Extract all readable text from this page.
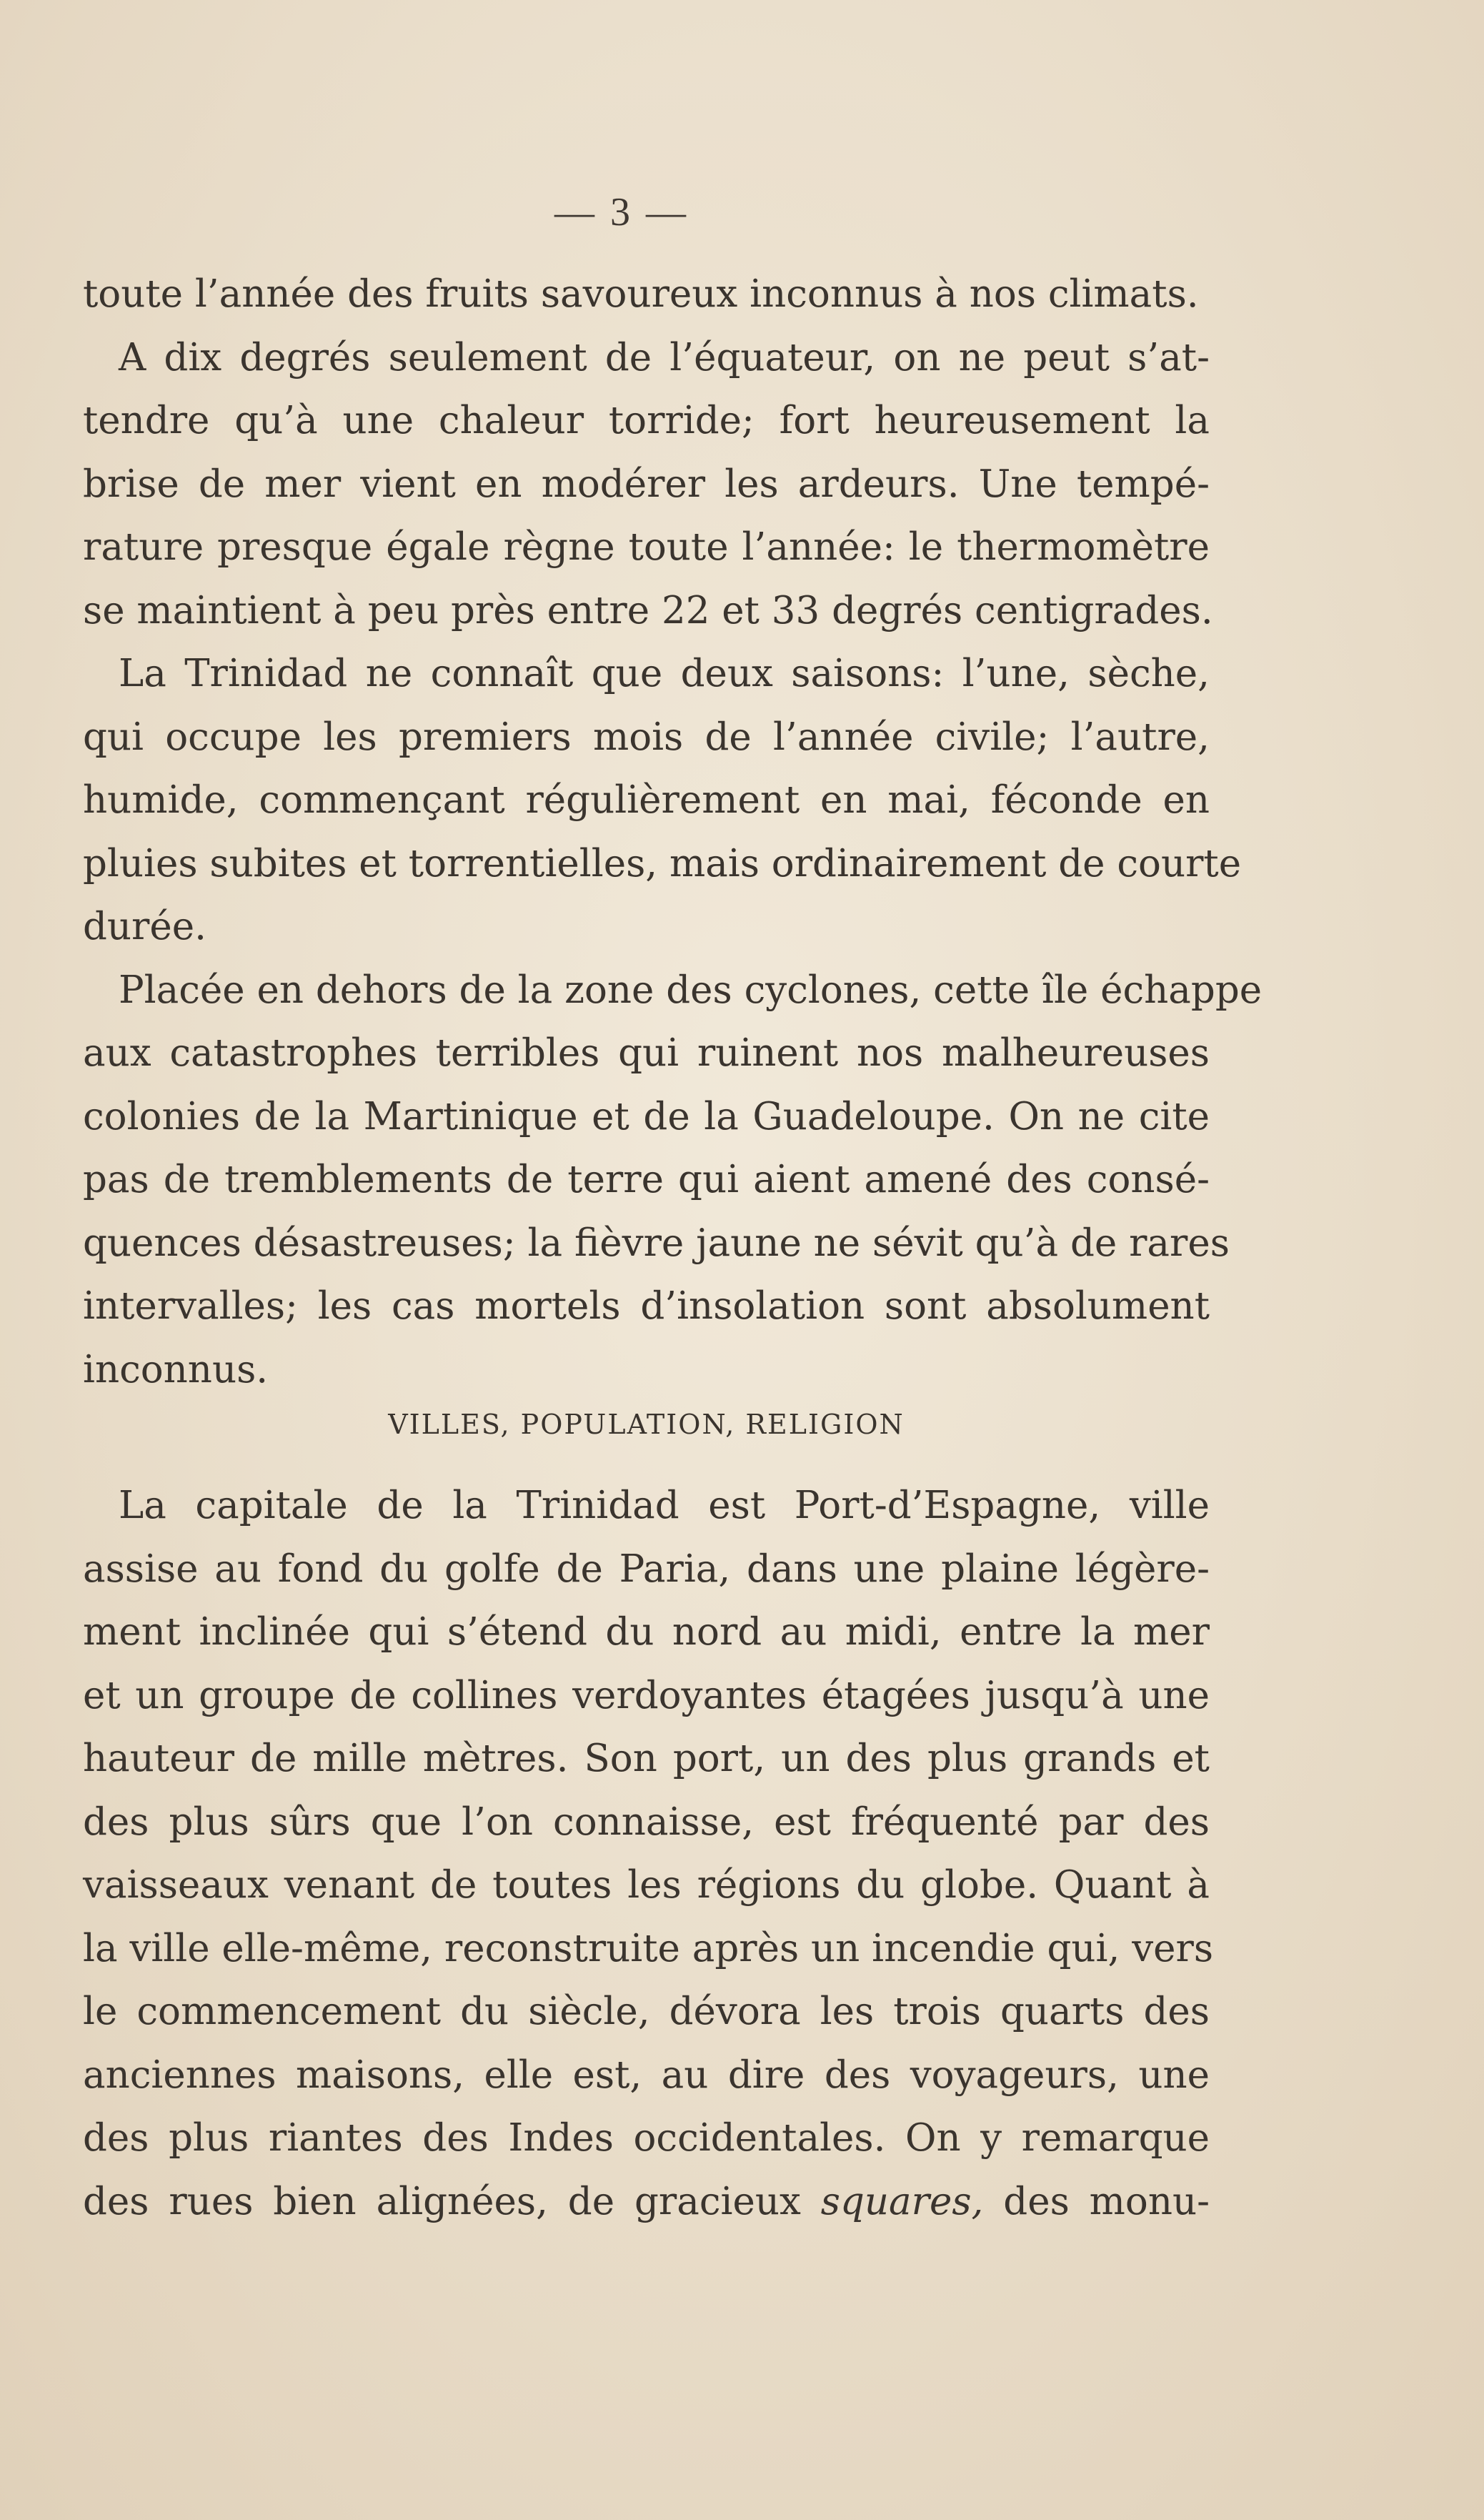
— 3 —
toute l’année des fruits savoureux inconnus à nos climats.
A dix degrés seulement de l’équateur, on ne peut s’at-
tendre qu’à une chaleur torride; fort heureusement la
brise de mer vient en modérer les ardeurs. Une tempé-
rature presque égale règne toute l’année: le thermomètre
se maintient à peu près entre 22 et 33 degrés centigrades.
La Trinidad ne connaît que deux saisons: l’une, sèche,
qui occupe les premiers mois de l’année civile; l’autre,
humide, commençant régulièrement en mai, féconde en
pluies subites et torrentielles, mais ordinairement de courte
durée.
Placée en dehors de la zone des cyclones, cette île échappe
aux catastrophes terribles qui ruinent nos malheureuses
colonies de la Martinique et de la Guadeloupe. On ne cite
pas de tremblements de terre qui aient amené des consé-
quences désastreuses; la fièvre jaune ne sévit qu’à de rares
intervalles; les cas mortels d’insolation sont absolument
inconnus.
VILLES, POPULATION, RELIGION
La capitale de la Trinidad est Port-d’Espagne, ville
assise au fond du golfe de Paria, dans une plaine légère-
ment inclinée qui s’étend du nord au midi, entre la mer
et un groupe de collines verdoyantes étagées jusqu’à une
hauteur de mille mètres. Son port, un des plus grands et
des plus sûrs que l’on connaisse, est fréquenté par des
vaisseaux venant de toutes les régions du globe. Quant à
la ville elle-même, reconstruite après un incendie qui, vers
le commencement du siècle, dévora les trois quarts des
anciennes maisons, elle est, au dire des voyageurs, une
des plus riantes des Indes occidentales. On y remarque
des rues bien alignées, de gracieux squares, des monu-
